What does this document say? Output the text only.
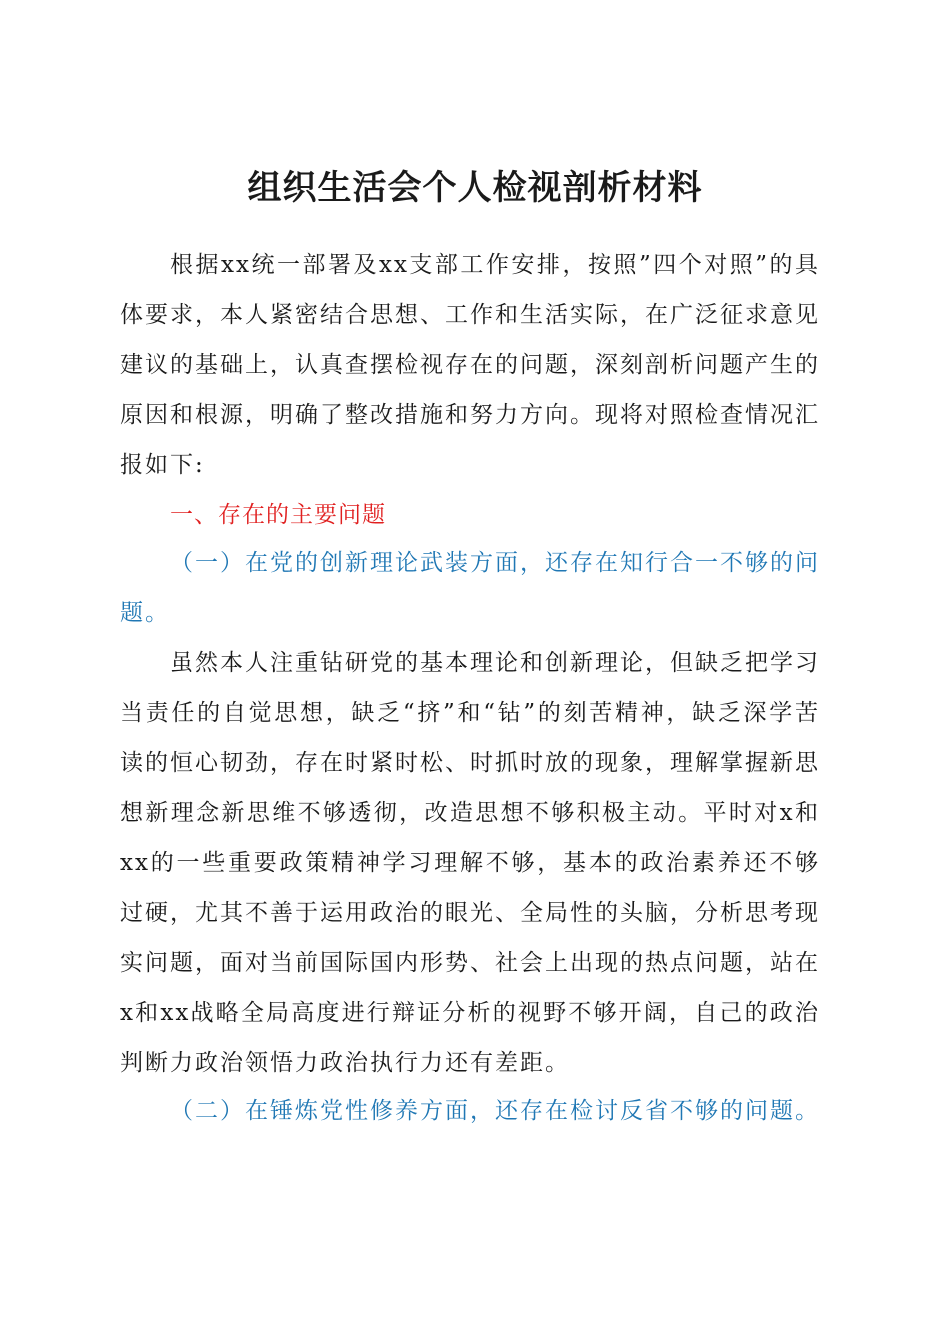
组织生活会个人检视剖析材料
根据xx统一部署及xx支部工作安排，按照”四个对照”的具体要求，本人紧密结合思想、工作和生活实际，在广泛征求意见建议的基础上，认真查摆检视存在的问题，深刻剖析问题产生的原因和根源，明确了整改措施和努力方向。现将对照检查情况汇报如下:
一、存在的主要问题
（一）在党的创新理论武装方面，还存在知行合一不够的问题。
虽然本人注重钻研党的基本理论和创新理论，但缺乏把学习当责任的自觉思想，缺乏“挤”和“钻”的刻苦精神，缺乏深学苦读的恒心韧劲，存在时紧时松、时抓时放的现象，理解掌握新思想新理念新思维不够透彻，改造思想不够积极主动。平时对x和xx的一些重要政策精神学习理解不够，基本的政治素养还不够过硬，尤其不善于运用政治的眼光、全局性的头脑，分析思考现实问题，面对当前国际国内形势、社会上出现的热点问题，站在x和xx战略全局高度进行辩证分析的视野不够开阔，自己的政治判断力政治领悟力政治执行力还有差距。
（二）在锤炼党性修养方面，还存在检讨反省不够的问题。
